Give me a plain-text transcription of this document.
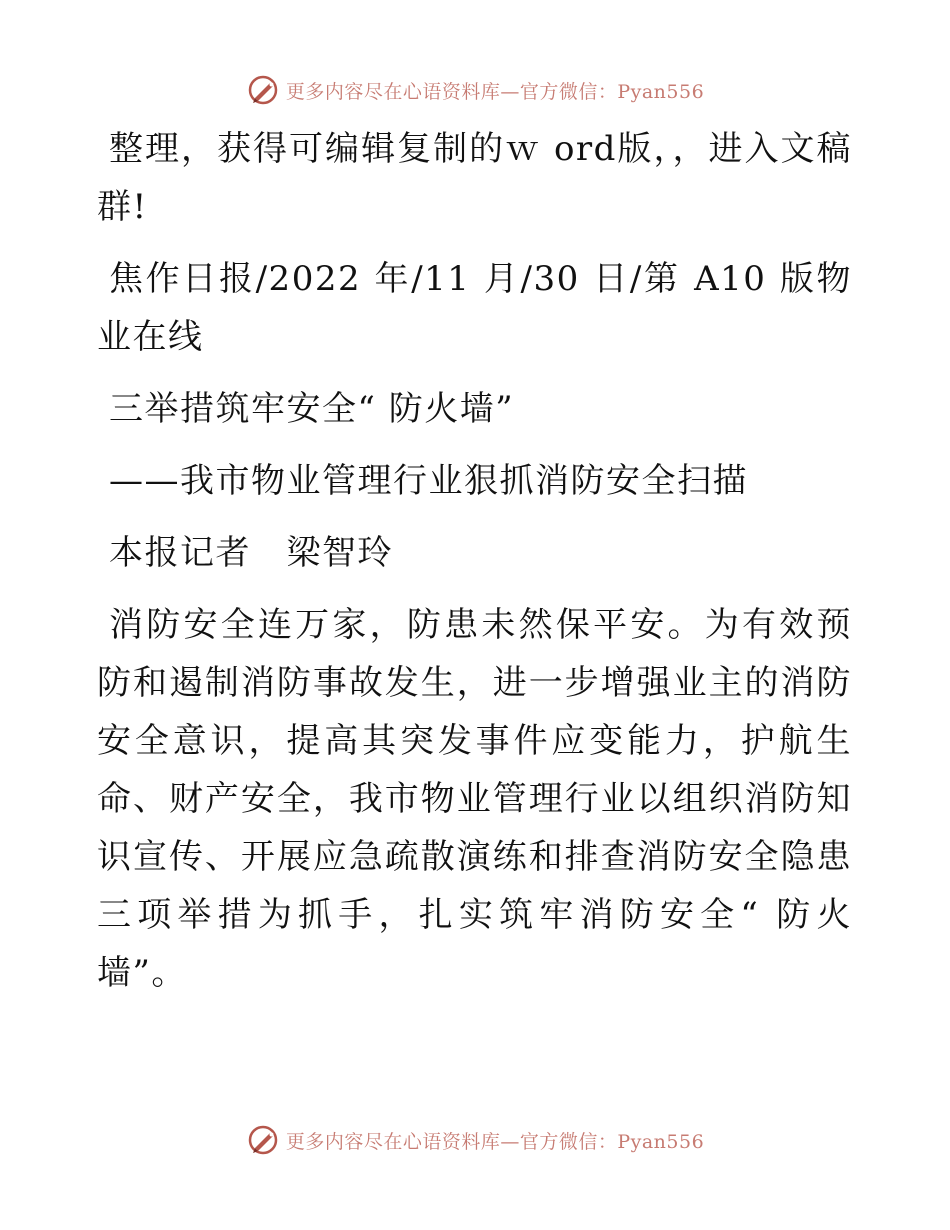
更多内容尽在心语资料库—官方微信：Pyan556

整理，获得可编辑复制的ｗ ord版，，进入文稿群!

焦作日报/2022 年/11 月/30 日/第 A10 版物业在线

三举措筑牢安全“ 防火墙”

——我市物业管理行业狠抓消防安全扫描

本报记者　梁智玲

消防安全连万家，防患未然保平安。为有效预防和遏制消防事故发生，进一步增强业主的消防安全意识，提高其突发事件应变能力，护航生命、财产安全，我市物业管理行业以组织消防知识宣传、开展应急疏散演练和排查消防安全隐患三项举措为抓手，扎实筑牢消防安全“ 防火墙”。

更多内容尽在心语资料库—官方微信：Pyan556
